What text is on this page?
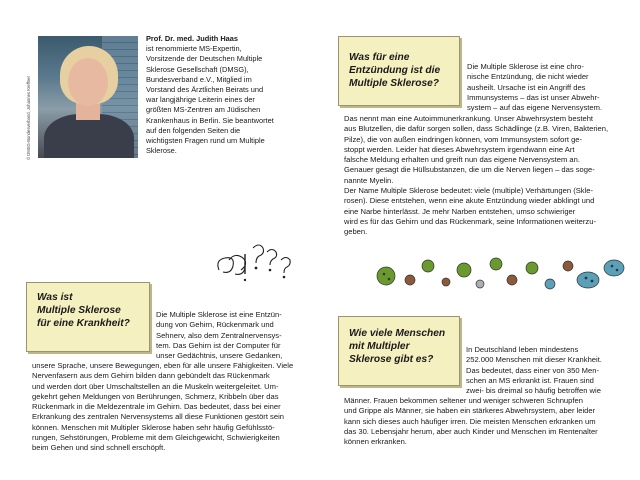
© DMSG-Bundesverband, Johannes Kreffner
Prof. Dr. med. Judith Haas
ist renommierte MS-Expertin, Vorsitzende der Deutschen Multiple Sklerose Gesellschaft (DMSG), Bundesverband e.V., Mitglied im Vorstand des Ärztlichen Beirats und war langjährige Leiterin eines der größten MS-Zentren am Jüdischen Krankenhaus in Berlin. Sie beantwortet auf den folgenden Seiten die wichtigsten Fragen rund um Multiple Sklerose.
Was für eine
Entzündung ist die
Multiple Sklerose?
Die Multiple Sklerose ist eine chro-
nische Entzündung, die nicht wieder
ausheilt. Ursache ist ein Angriff des
Immunsystems – das ist unser Abwehr-
system – auf das eigene Nervensystem.
Das nennt man eine Autoimmunerkrankung. Unser Abwehrsystem besteht
aus Blutzellen, die dafür sorgen sollen, dass Schädlinge (z.B. Viren, Bakterien,
Pilze), die von außen eindringen können, vom Immunsystem sofort ge-
stoppt werden. Leider hat dieses Abwehrsystem irgendwann eine Art
falsche Meldung erhalten und greift nun das eigene Nervensystem an.
Genauer gesagt die Hüllsubstanzen, die um die Nerven liegen – das soge-
nannte Myelin.
Der Name Multiple Sklerose bedeutet: viele (multiple) Verhärtungen (Skle-
rosen). Diese entstehen, wenn eine akute Entzündung wieder abklingt und
eine Narbe hinterlässt. Je mehr Narben entstehen, umso schwieriger
wird es für das Gehirn und das Rückenmark, seine Informationen weiterzu-
geben.
Was ist
Multiple Sklerose
für eine Krankheit?
Die Multiple Sklerose ist eine Entzün-
dung von Gehirn, Rückenmark und
Sehnerv, also dem Zentralnervensys-
tem. Das Gehirn ist der Computer für
unser Gedächtnis, unsere Gedanken,
unsere Sprache, unsere Bewegungen, eben für alle unsere Fähigkeiten. Viele
Nervenfasern aus dem Gehirn bilden dann gebündelt das Rückenmark
und werden dort über Umschaltstellen an die Muskeln weitergeleitet. Um-
gekehrt gehen Meldungen von Berührungen, Schmerz, Kribbeln über das
Rückenmark in die Meldezentrale im Gehirn. Das bedeutet, dass bei einer
Erkrankung des zentralen Nervensystems all diese Funktionen gestört sein
können. Menschen mit Multipler Sklerose haben sehr häufig Gefühlsstö-
rungen, Sehstörungen, Probleme mit dem Gleichgewicht, Schwierigkeiten
beim Gehen und sind schnell erschöpft.
Wie viele Menschen
mit Multipler
Sklerose gibt es?
In Deutschland leben mindestens
252.000 Menschen mit dieser Krankheit.
Das bedeutet, dass einer von 350 Men-
schen an MS erkrankt ist. Frauen sind
zwei- bis dreimal so häufig betroffen wie
Männer. Frauen bekommen seltener und weniger schweren Schnupfen
und Grippe als Männer, sie haben ein stärkeres Abwehrsystem, aber leider
kann sich dieses auch häufiger irren. Die meisten Menschen erkranken um
das 30. Lebensjahr herum, aber auch Kinder und Menschen im Rentenalter
können erkranken.
